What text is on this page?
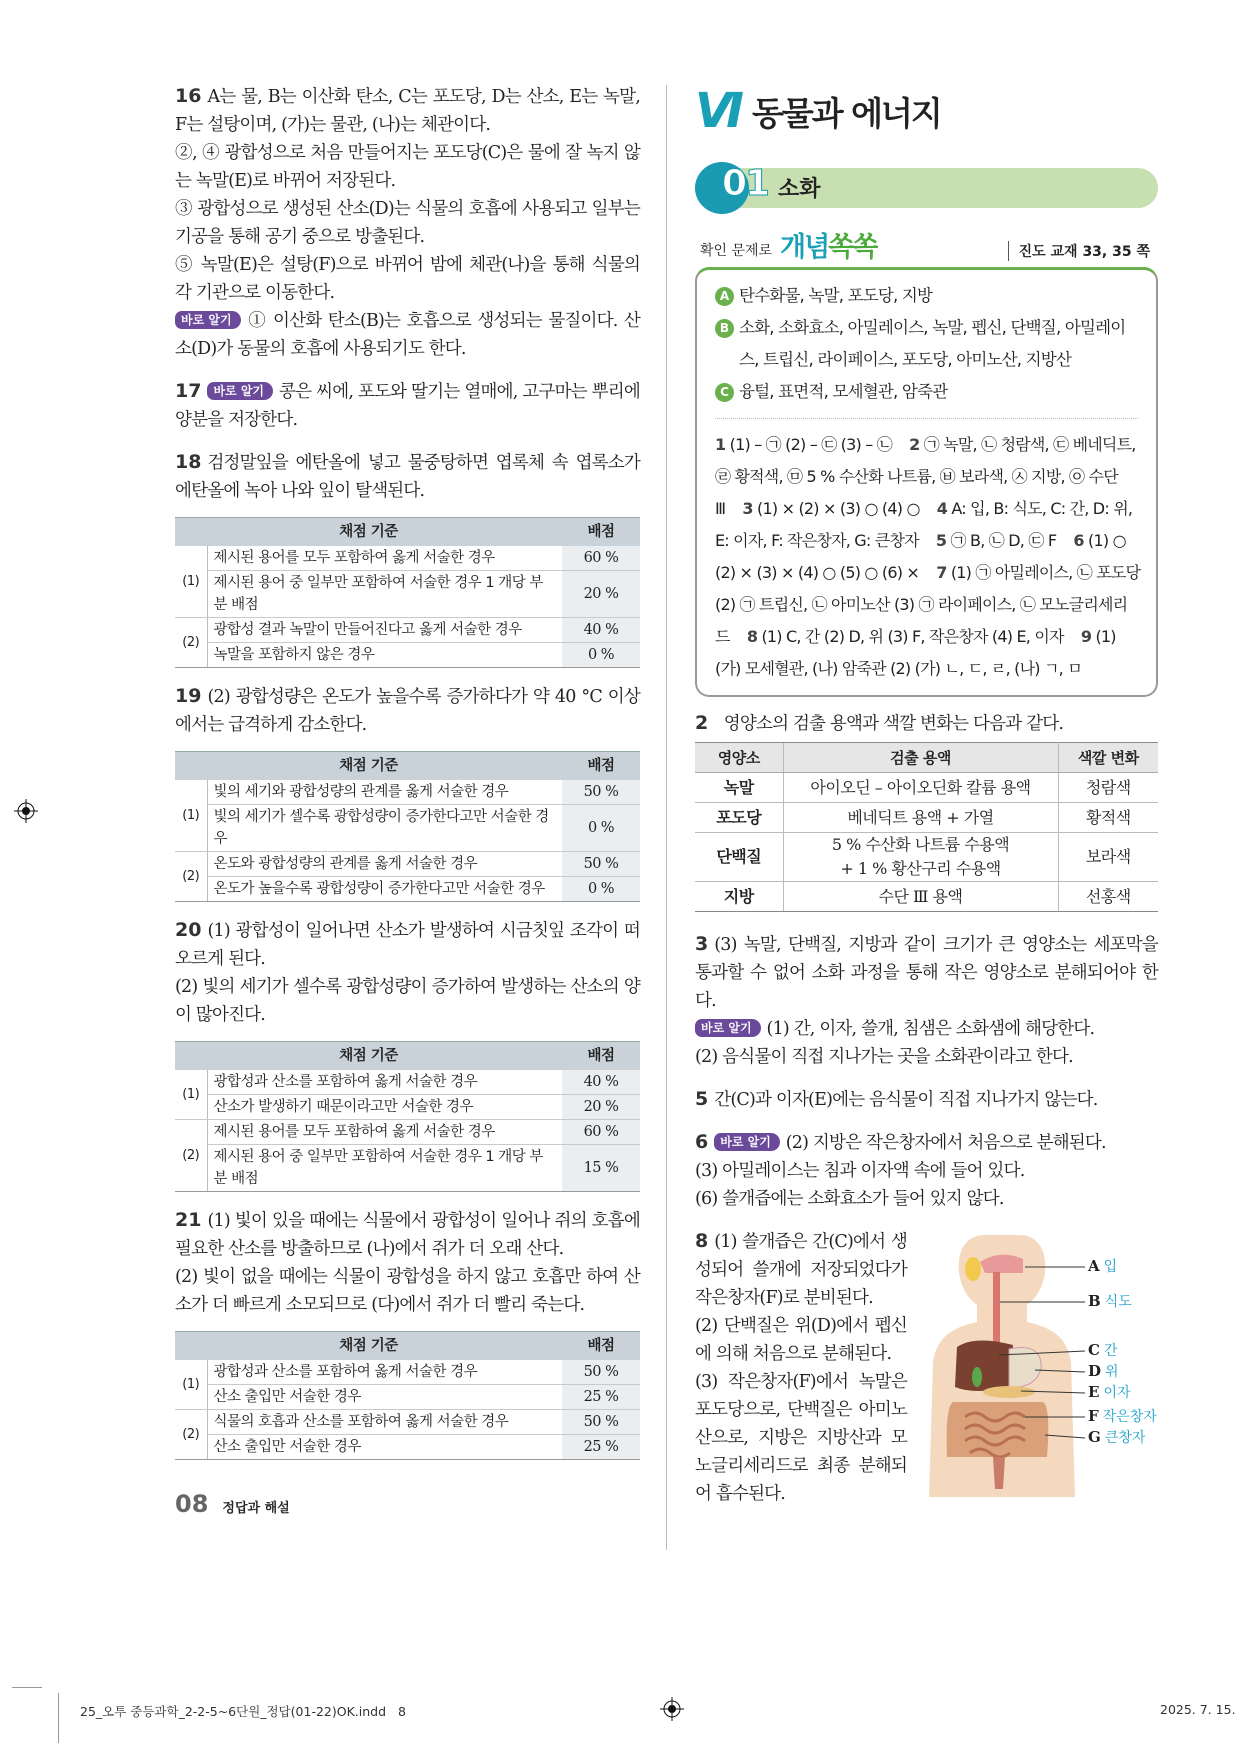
16 A는 물, B는 이산화 탄소, C는 포도당, D는 산소, E는 녹말, F는 설탕이며, (가)는 물관, (나)는 체관이다.

②, ④ 광합성으로 처음 만들어지는 포도당(C)은 물에 잘 녹지 않는 녹말(E)로 바뀌어 저장된다.

③ 광합성으로 생성된 산소(D)는 식물의 호흡에 사용되고 일부는 기공을 통해 공기 중으로 방출된다.

⑤ 녹말(E)은 설탕(F)으로 바뀌어 밤에 체관(나)을 통해 식물의 각 기관으로 이동한다.

바로 알기 ① 이산화 탄소(B)는 호흡으로 생성되는 물질이다. 산소(D)가 동물의 호흡에 사용되기도 한다.

17 바로 알기 콩은 씨에, 포도와 딸기는 열매에, 고구마는 뿌리에 양분을 저장한다.

18 검정말잎을 에탄올에 넣고 물중탕하면 엽록체 속 엽록소가 에탄올에 녹아 나와 잎이 탈색된다.

채점 기준		배점
(1)	제시된 용어를 모두 포함하여 옳게 서술한 경우	60 %
	제시된 용어 중 일부만 포함하여 서술한 경우 1 개당 부분 배점	20 %
(2)	광합성 결과 녹말이 만들어진다고 옳게 서술한 경우	40 %
	녹말을 포함하지 않은 경우	0 %

19 (2) 광합성량은 온도가 높을수록 증가하다가 약 40 °C 이상에서는 급격하게 감소한다.

채점 기준		배점
(1)	빛의 세기와 광합성량의 관계를 옳게 서술한 경우	50 %
	빛의 세기가 셀수록 광합성량이 증가한다고만 서술한 경우	0 %
(2)	온도와 광합성량의 관계를 옳게 서술한 경우	50 %
	온도가 높을수록 광합성량이 증가한다고만 서술한 경우	0 %

20 (1) 광합성이 일어나면 산소가 발생하여 시금칫잎 조각이 떠오르게 된다.

(2) 빛의 세기가 셀수록 광합성량이 증가하여 발생하는 산소의 양이 많아진다.

채점 기준		배점
(1)	광합성과 산소를 포함하여 옳게 서술한 경우	40 %
	산소가 발생하기 때문이라고만 서술한 경우	20 %
(2)	제시된 용어를 모두 포함하여 옳게 서술한 경우	60 %
	제시된 용어 중 일부만 포함하여 서술한 경우 1 개당 부분 배점	15 %

21 (1) 빛이 있을 때에는 식물에서 광합성이 일어나 쥐의 호흡에 필요한 산소를 방출하므로 (나)에서 쥐가 더 오래 산다.

(2) 빛이 없을 때에는 식물이 광합성을 하지 않고 호흡만 하여 산소가 더 빠르게 소모되므로 (다)에서 쥐가 더 빨리 죽는다.

채점 기준		배점
(1)	광합성과 산소를 포함하여 옳게 서술한 경우	50 %
	산소 출입만 서술한 경우	25 %
(2)	식물의 호흡과 산소를 포함하여 옳게 서술한 경우	50 %
	산소 출입만 서술한 경우	25 %
08 정답과 해설
VI 동물과 에너지
01 소화
확인 문제로 개념쏙쏙	진도 교재 33, 35 쪽
A 탄수화물, 녹말, 포도당, 지방
B 소화, 소화효소, 아밀레이스, 녹말, 펩신, 단백질, 아밀레이스, 트립신, 라이페이스, 포도당, 아미노산, 지방산
C 융털, 표면적, 모세혈관, 암죽관
1 (1) – ㉠ (2) – ㉢ (3) – ㉡ 2 ㉠ 녹말, ㉡ 청람색, ㉢ 베네딕트, ㉣ 황적색, ㉤ 5 % 수산화 나트륨, ㉥ 보라색, ㉦ 지방, ㉧ 수단 Ⅲ 3 (1) × (2) × (3) ○ (4) ○ 4 A: 입, B: 식도, C: 간, D: 위, E: 이자, F: 작은창자, G: 큰창자 5 ㉠ B, ㉡ D, ㉢ F 6 (1) ○ (2) × (3) × (4) ○ (5) ○ (6) × 7 (1) ㉠ 아밀레이스, ㉡ 포도당 (2) ㉠ 트립신, ㉡ 아미노산 (3) ㉠ 라이페이스, ㉡ 모노글리세리드 8 (1) C, 간 (2) D, 위 (3) F, 작은창자 (4) E, 이자 9 (1) (가) 모세혈관, (나) 암죽관 (2) (가) ㄴ, ㄷ, ㄹ, (나) ㄱ, ㅁ
2 영양소의 검출 용액과 색깔 변화는 다음과 같다.
영양소	검출 용액	색깔 변화
녹말	아이오딘 – 아이오딘화 칼륨 용액	청람색
포도당	베네딕트 용액 + 가열	황적색
단백질	5 % 수산화 나트륨 수용액
+ 1 % 황산구리 수용액	보라색
지방	수단 Ⅲ 용액	선홍색

3 (3) 녹말, 단백질, 지방과 같이 크기가 큰 영양소는 세포막을 통과할 수 없어 소화 과정을 통해 작은 영양소로 분해되어야 한다.

바로 알기 (1) 간, 이자, 쓸개, 침샘은 소화샘에 해당한다.

(2) 음식물이 직접 지나가는 곳을 소화관이라고 한다.

5 간(C)과 이자(E)에는 음식물이 직접 지나가지 않는다.

6 바로 알기 (2) 지방은 작은창자에서 처음으로 분해된다.

(3) 아밀레이스는 침과 이자액 속에 들어 있다.

(6) 쓸개즙에는 소화효소가 들어 있지 않다.

8 (1) 쓸개즙은 간(C)에서 생성되어 쓸개에 저장되었다가 작은창자(F)로 분비된다.

(2) 단백질은 위(D)에서 펩신에 의해 처음으로 분해된다.

(3) 작은창자(F)에서 녹말은 포도당으로, 단백질은 아미노산으로, 지방은 지방산과 모노글리세리드로 최종 분해되어 흡수된다.

A 입
B 식도
C 간
D 위
E 이자
F 작은창자
G 큰창자
25_오투 중등과학_2-2-5~6단원_정답(01-22)OK.indd   8	2025. 7. 15.
